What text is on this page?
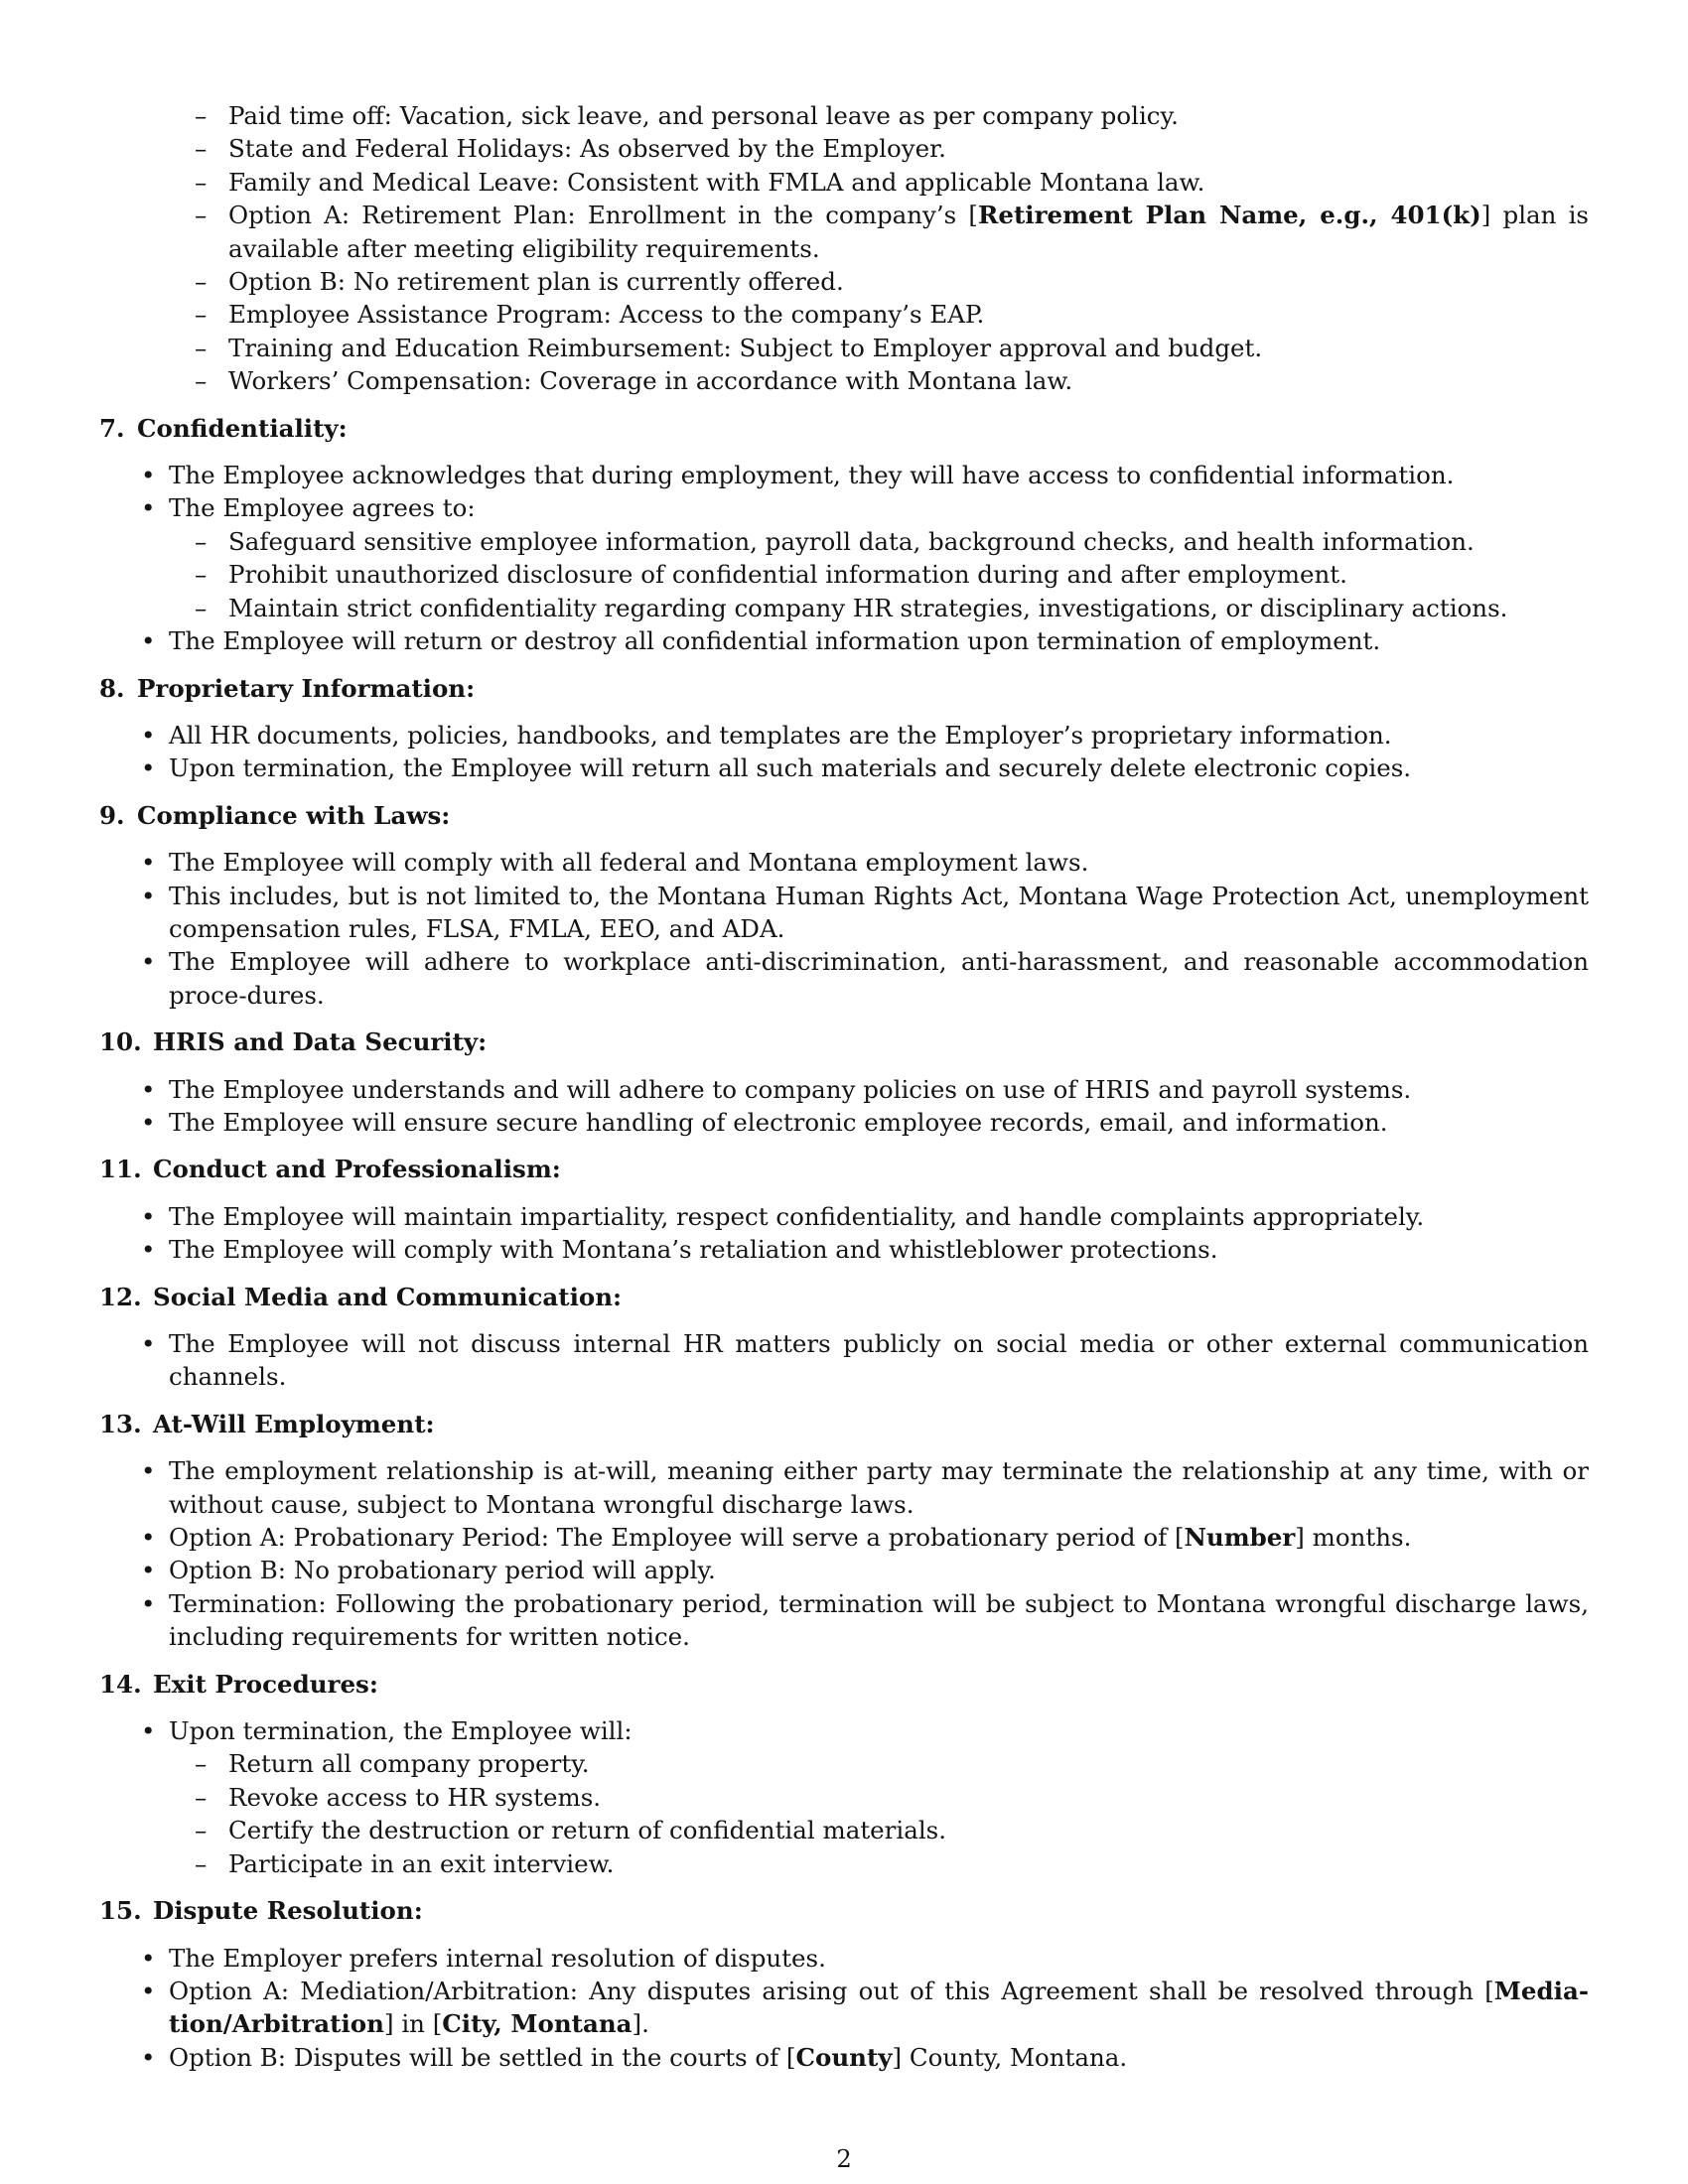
– Paid time off: Vacation, sick leave, and personal leave as per company policy.
– State and Federal Holidays: As observed by the Employer.
– Family and Medical Leave: Consistent with FMLA and applicable Montana law.
– Option A: Retirement Plan: Enrollment in the company’s [Retirement Plan Name, e.g., 401(k)] plan is available after meeting eligibility requirements.
– Option B: No retirement plan is currently offered.
– Employee Assistance Program: Access to the company’s EAP.
– Training and Education Reimbursement: Subject to Employer approval and budget.
– Workers’ Compensation: Coverage in accordance with Montana law.
7. Confidentiality:
• The Employee acknowledges that during employment, they will have access to confidential information.
• The Employee agrees to:
– Safeguard sensitive employee information, payroll data, background checks, and health information.
– Prohibit unauthorized disclosure of confidential information during and after employment.
– Maintain strict confidentiality regarding company HR strategies, investigations, or disciplinary actions.
• The Employee will return or destroy all confidential information upon termination of employment.
8. Proprietary Information:
• All HR documents, policies, handbooks, and templates are the Employer’s proprietary information.
• Upon termination, the Employee will return all such materials and securely delete electronic copies.
9. Compliance with Laws:
• The Employee will comply with all federal and Montana employment laws.
• This includes, but is not limited to, the Montana Human Rights Act, Montana Wage Protection Act, unemployment compensation rules, FLSA, FMLA, EEO, and ADA.
• The Employee will adhere to workplace anti-discrimination, anti-harassment, and reasonable accommodation proce-dures.
10. HRIS and Data Security:
• The Employee understands and will adhere to company policies on use of HRIS and payroll systems.
• The Employee will ensure secure handling of electronic employee records, email, and information.
11. Conduct and Professionalism:
• The Employee will maintain impartiality, respect confidentiality, and handle complaints appropriately.
• The Employee will comply with Montana’s retaliation and whistleblower protections.
12. Social Media and Communication:
• The Employee will not discuss internal HR matters publicly on social media or other external communication channels.
13. At-Will Employment:
• The employment relationship is at-will, meaning either party may terminate the relationship at any time, with or without cause, subject to Montana wrongful discharge laws.
• Option A: Probationary Period: The Employee will serve a probationary period of [Number] months.
• Option B: No probationary period will apply.
• Termination: Following the probationary period, termination will be subject to Montana wrongful discharge laws, including requirements for written notice.
14. Exit Procedures:
• Upon termination, the Employee will:
– Return all company property.
– Revoke access to HR systems.
– Certify the destruction or return of confidential materials.
– Participate in an exit interview.
15. Dispute Resolution:
• The Employer prefers internal resolution of disputes.
• Option A: Mediation/Arbitration: Any disputes arising out of this Agreement shall be resolved through [Media-tion/Arbitration] in [City, Montana].
• Option B: Disputes will be settled in the courts of [County] County, Montana.
2
